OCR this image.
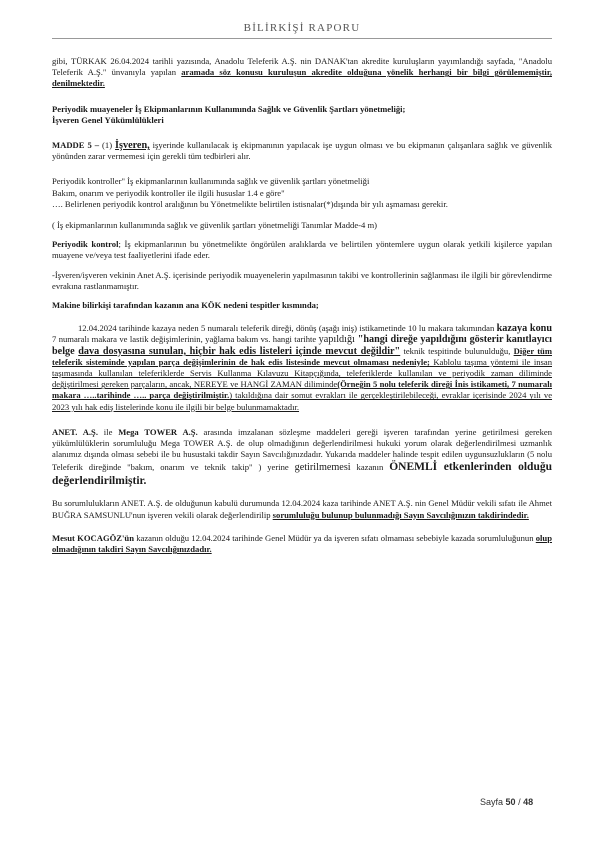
BİLİRKİŞİ RAPORU

gibi, TÜRKAK 26.04.2024 tarihli yazısında, Anadolu Teleferik A.Ş. nin DANAK'tan akredite kuruluşların yayımlandığı sayfada, "Anadolu Teleferik A.Ş." ünvanıyla yapılan aramada söz konusu kuruluşun akredite olduğuna yönelik herhangi bir bilgi görülememiştir, denilmektedir.

Periyodik muayeneler İş Ekipmanlarının Kullanımında Sağlık ve Güvenlik Şartları yönetmeliği;

İşveren Genel Yükümlülükleri

MADDE 5 – (1) İşveren, işyerinde kullanılacak iş ekipmanının yapılacak işe uygun olması ve bu ekipmanın çalışanlara sağlık ve güvenlik yönünden zarar vermemesi için gerekli tüm tedbirleri alır.

Periyodik kontroller" İş ekipmanlarının kullanımında sağlık ve güvenlik şartları yönetmeliği

Bakım, onarım ve periyodik kontroller ile ilgili hususlar 1.4 e göre"

…. Belirlenen periyodik kontrol aralığının bu Yönetmelikte belirtilen istisnalar(*)dışında bir yılı aşmaması gerekir.

( İş ekipmanlarının kullanımında sağlık ve güvenlik şartları yönetmeliği Tanımlar Madde-4 m)

Periyodik kontrol; İş ekipmanlarının bu yönetmelikte öngörülen aralıklarda ve belirtilen yöntemlere uygun olarak yetkili kişilerce yapılan muayene ve/veya test faaliyetlerini ifade eder.

-İşveren/işveren vekinin Anet A.Ş. içerisinde periyodik muayenelerin yapılmasının takibi ve kontrollerinin sağlanması ile ilgili bir görevlendirme evrakına rastlanmamıştır.

Makine bilirkişi tarafından kazanın ana KÖK nedeni tespitler kısmında;

12.04.2024 tarihinde kazaya neden 5 numaralı teleferik direği, dönüş (aşağı iniş) istikametinde 10 lu makara takımından kazaya konu 7 numaralı makara ve lastik değişimlerinin, yağlama bakım vs. hangi tarihte yapıldığı "hangi direğe yapıldığını gösterir kanıtlayıcı belge dava dosyasına sunulan, hiçbir hak edis listeleri içinde mevcut değildir" teknik tespitinde bulunulduğu, Diğer tüm teleferik sisteminde yapılan parça değişimlerinin de hak edis listesinde mevcut olmaması nedeniyle; Kablolu taşıma yöntemi ile insan taşımasında kullanılan teleferiklerde Servis Kullanma Kılavuzu Kitapçığında, teleferiklerde kullanılan ve periyodik zaman diliminde değiştirilmesi gereken parçaların, ancak, NEREYE ve HANGİ ZAMAN diliminde(Örneğin 5 nolu teleferik direği İnis istikameti, 7 numaralı makara …..tarihinde ….. parça değiştirilmiştir.) takıldığına dair somut evrakları ile gerçekleştirilebileceği, evraklar içerisinde 2024 yılı ve 2023 yılı hak ediş listelerinde konu ile ilgili bir belge bulunmamaktadır.

ANET. A.Ş. ile Mega TOWER A.Ş. arasında imzalanan sözleşme maddeleri gereği işveren tarafından yerine getirilmesi gereken yükümlülüklerin sorumluluğu Mega TOWER A.Ş. de olup olmadığının değerlendirilmesi hukuki yorum olarak değerlendirilmesi uzmanlık alanımız dışında olması sebebi ile bu husustaki takdir Sayın Savcılığınızdadır. Yukarıda maddeler halinde tespit edilen uygunsuzlukların (5 nolu Teleferik direğinde "bakım, onarım ve teknik takip" ) yerine getirilmemesi kazanın ÖNEMLİ etkenlerinden olduğu değerlendirilmiştir.

Bu sorumlulukların ANET. A.Ş. de olduğunun kabulü durumunda 12.04.2024 kaza tarihinde ANET A.Ş. nin Genel Müdür vekili sıfatı ile Ahmet BUĞRA SAMSUNLU'nun işveren vekili olarak değerlendirilip sorumluluğu bulunup bulunmadığı Sayın Savcılığınızın takdirindedir.

Mesut KOCAGÖZ'ün kazanın olduğu 12.04.2024 tarihinde Genel Müdür ya da işveren sıfatı olmaması sebebiyle kazada sorumluluğunun olup olmadığının takdiri Sayın Savcılığınızdadır.

Sayfa 50 / 48
